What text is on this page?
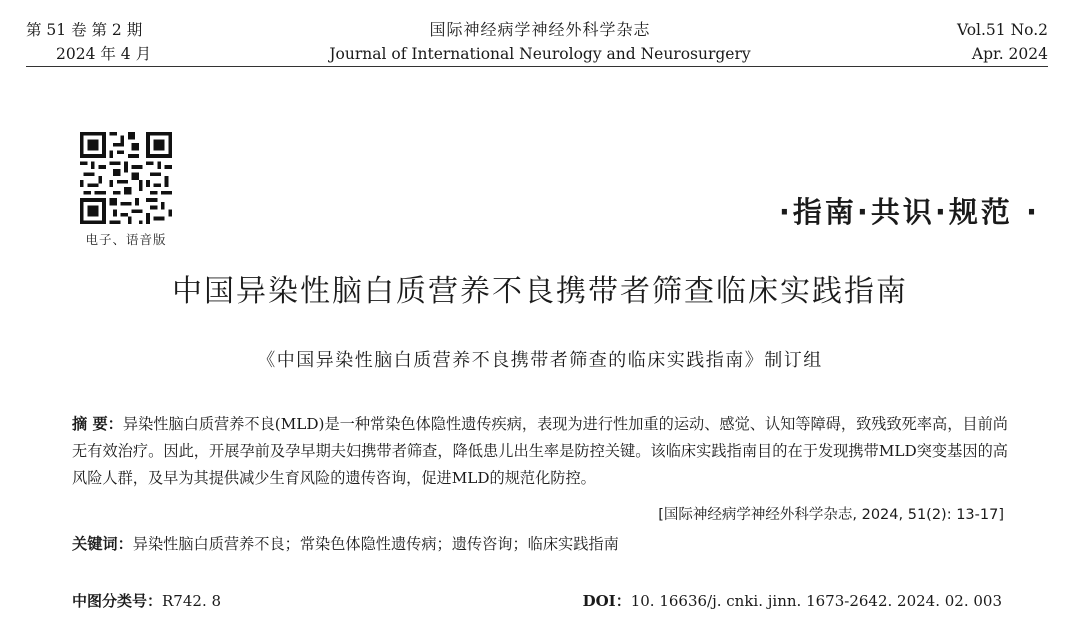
第 51 卷 第 2 期
2024 年 4 月
国际神经病学神经外科学杂志
Journal of International Neurology and Neurosurgery
Vol.51 No.2
Apr. 2024
电子、语音版
·指南·共识·规范 ·
中国异染性脑白质营养不良携带者筛查临床实践指南
《中国异染性脑白质营养不良携带者筛查的临床实践指南》制订组
摘 要：异染性脑白质营养不良(MLD)是一种常染色体隐性遗传疾病，表现为进行性加重的运动、感觉、认知等障碍，致残致死率高，目前尚无有效治疗。因此，开展孕前及孕早期夫妇携带者筛查，降低患儿出生率是防控关键。该临床实践指南目的在于发现携带MLD突变基因的高风险人群，及早为其提供减少生育风险的遗传咨询，促进MLD的规范化防控。
[国际神经病学神经外科学杂志, 2024, 51(2): 13-17]
关键词：异染性脑白质营养不良；常染色体隐性遗传病；遗传咨询；临床实践指南
中图分类号：R742. 8	DOI：10. 16636/j. cnki. jinn. 1673-2642. 2024. 02. 003
